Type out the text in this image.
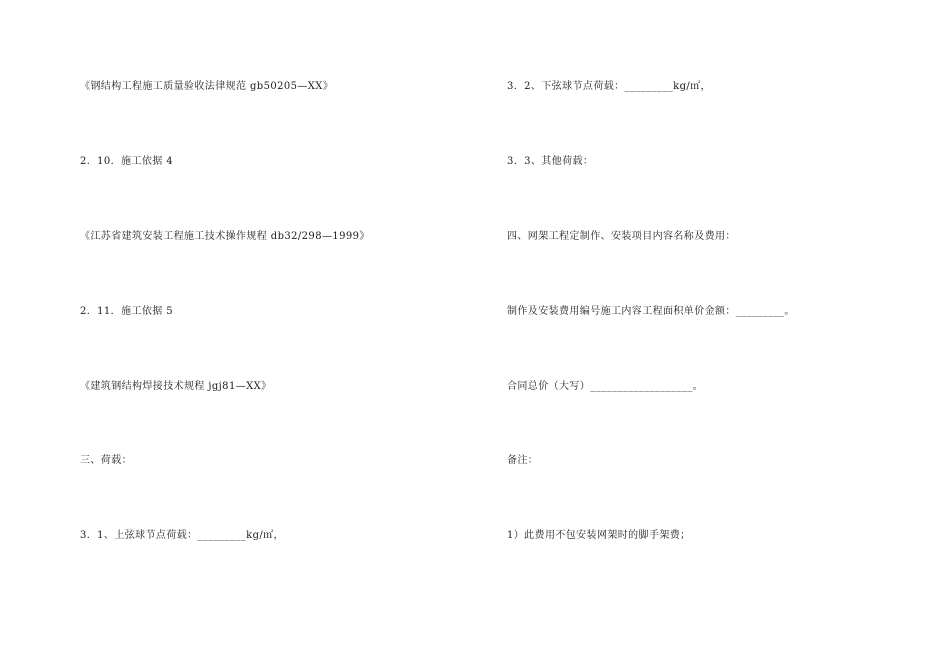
《钢结构工程施工质量验收法律规范 gb50205—XX》
2．10．施工依据 4
《江苏省建筑安装工程施工技术操作规程 db32/298—1999》
2．11．施工依据 5
《建筑钢结构焊接技术规程 jgj81—XX》
三、荷载：
3．1、上弦球节点荷载：_________kg/㎡，
3．2、下弦球节点荷载：_________kg/㎡，
3．3、其他荷载：
四、网架工程定制作、安装项目内容名称及费用：
制作及安装费用编号施工内容工程面积单价金额：_________。
合同总价（大写）___________________。
备注：
1）此费用不包安装网架时的脚手架费；
